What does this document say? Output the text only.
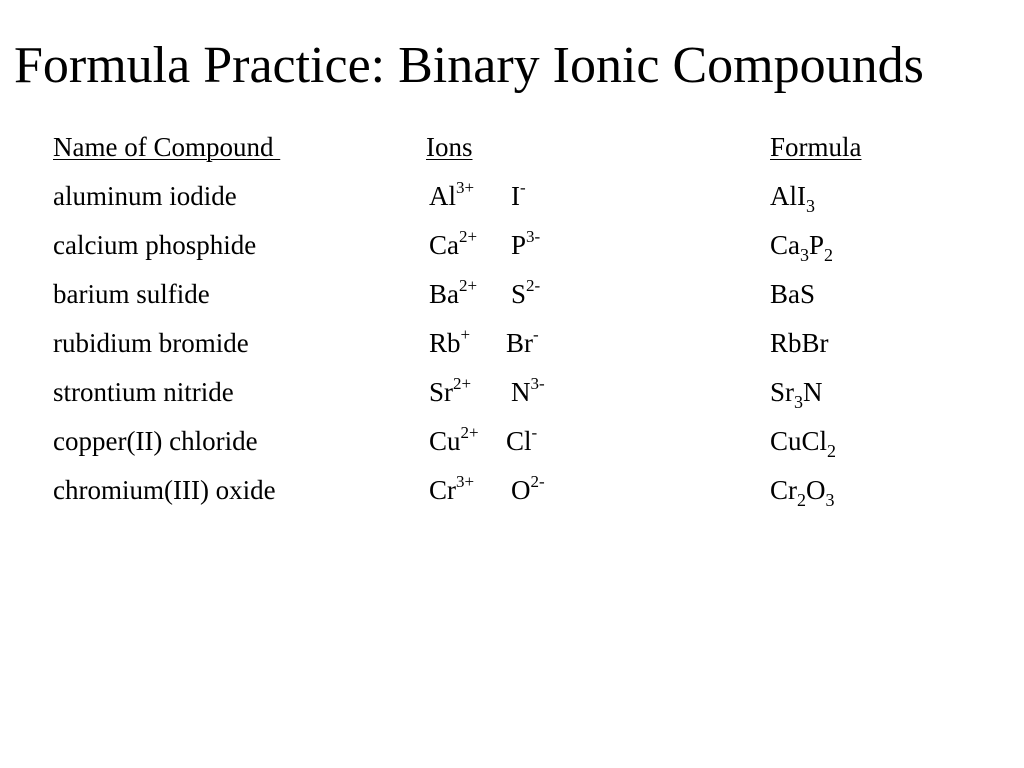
Formula Practice: Binary Ionic Compounds
Name of Compound	Ions	Formula
aluminum iodide	$Al^{3+}$ I-	AlI$_3$
calcium phosphide	$Ca^{2+}$ $P^{3-}$	$Ca_3P_2$
barium sulfide	$Ba^{2+}$ $S^{2-}$	BaS
rubidium bromide	Rb+ Br-	RbBr
strontium nitride	$Sr^{2+}$ $N^{3-}$	$Sr_3N$
copper(II) chloride	$Cu^{2+}$ Cl-	CuCl$_2$
chromium(III) oxide	$Cr^{3+}$ $O^{2-}$	$Cr_2O_3$
